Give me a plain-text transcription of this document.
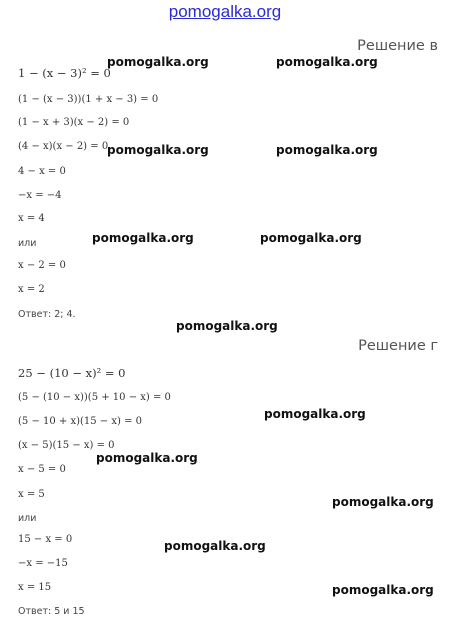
pomogalka.org
Решение в
1 − (x − 3)² = 0
(1 − (x − 3))(1 + x − 3) = 0
(1 − x + 3)(x − 2) = 0
(4 − x)(x − 2) = 0
4 − x = 0
−x = −4
x = 4
или
x − 2 = 0
x = 2
Ответ: 2; 4.
Решение г
25 − (10 − x)² = 0
(5 − (10 − x))(5 + 10 − x) = 0
(5 − 10 + x)(15 − x) = 0
(x − 5)(15 − x) = 0
x − 5 = 0
x = 5
или
15 − x = 0
−x = −15
x = 15
Ответ: 5 и 15
pomogalka.org	pomogalka.org
pomogalka.org	pomogalka.org
pomogalka.org	pomogalka.org
pomogalka.org
pomogalka.org
pomogalka.org
pomogalka.org
pomogalka.org
pomogalka.org
